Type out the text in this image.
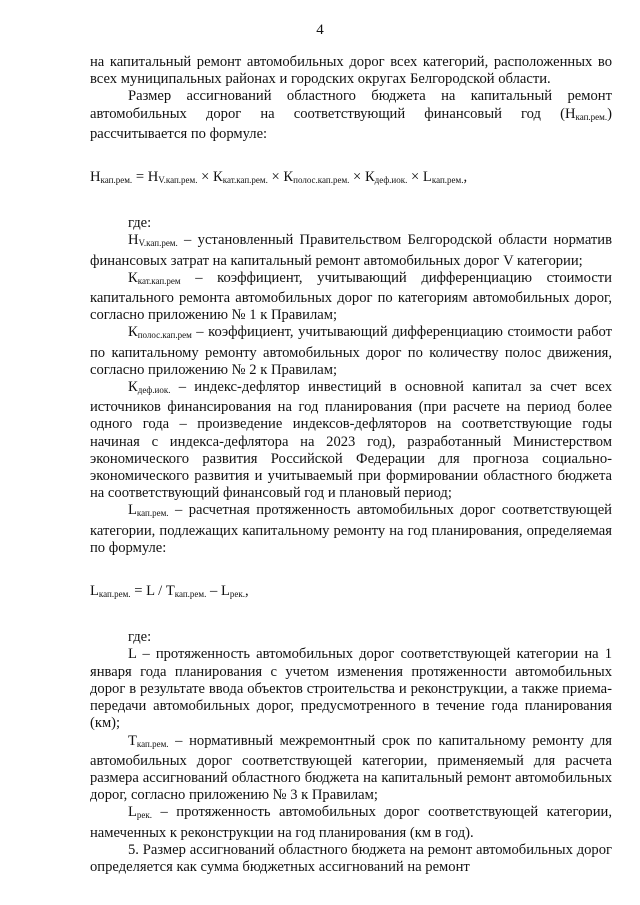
4

на капитальный ремонт автомобильных дорог всех категорий, расположенных во всех муниципальных районах и городских округах Белгородской области.

Размер ассигнований областного бюджета на капитальный ремонт автомобильных дорог на соответствующий финансовый год $(Н_{кап.рем.})$ рассчитывается по формуле:

$Н_{кап.рем.} = Н_{V.кап.рем.} \times К_{кат.кап.рем.} \times К_{полос.кап.рем.} \times К_{деф.иок.} \times L_{кап.рем.}$,

где:

$Н_{V.кап.рем.}$ – установленный Правительством Белгородской области норматив финансовых затрат на капитальный ремонт автомобильных дорог V категории;

$К_{кат.кап.рем}$ – коэффициент, учитывающий дифференциацию стоимости капитального ремонта автомобильных дорог по категориям автомобильных дорог, согласно приложению № 1 к Правилам;

$К_{полос.кап.рем}$ – коэффициент, учитывающий дифференциацию стоимости работ по капитальному ремонту автомобильных дорог по количеству полос движения, согласно приложению № 2 к Правилам;

$К_{деф.иок.}$ – индекс-дефлятор инвестиций в основной капитал за счет всех источников финансирования на год планирования (при расчете на период более одного года – произведение индексов-дефляторов на соответствующие годы начиная с индекса-дефлятора на 2023 год), разработанный Министерством экономического развития Российской Федерации для прогноза социально-экономического развития и учитываемый при формировании областного бюджета на соответствующий финансовый год и плановый период;

$L_{кап.рем.}$ – расчетная протяженность автомобильных дорог соответствующей категории, подлежащих капитальному ремонту на год планирования, определяемая по формуле:

$L_{кап.рем.} = L / Т_{кап.рем.} - L_{рек.}$,

где:

L – протяженность автомобильных дорог соответствующей категории на 1 января года планирования с учетом изменения протяженности автомобильных дорог в результате ввода объектов строительства и реконструкции, а также приема-передачи автомобильных дорог, предусмотренного в течение года планирования (км);

$Т_{кап.рем.}$ – нормативный межремонтный срок по капитальному ремонту для автомобильных дорог соответствующей категории, применяемый для расчета размера ассигнований областного бюджета на капитальный ремонт автомобильных дорог, согласно приложению № 3 к Правилам;

$L_{рек.}$ – протяженность автомобильных дорог соответствующей категории, намеченных к реконструкции на год планирования (км в год).

5. Размер ассигнований областного бюджета на ремонт автомобильных дорог определяется как сумма бюджетных ассигнований на ремонт
